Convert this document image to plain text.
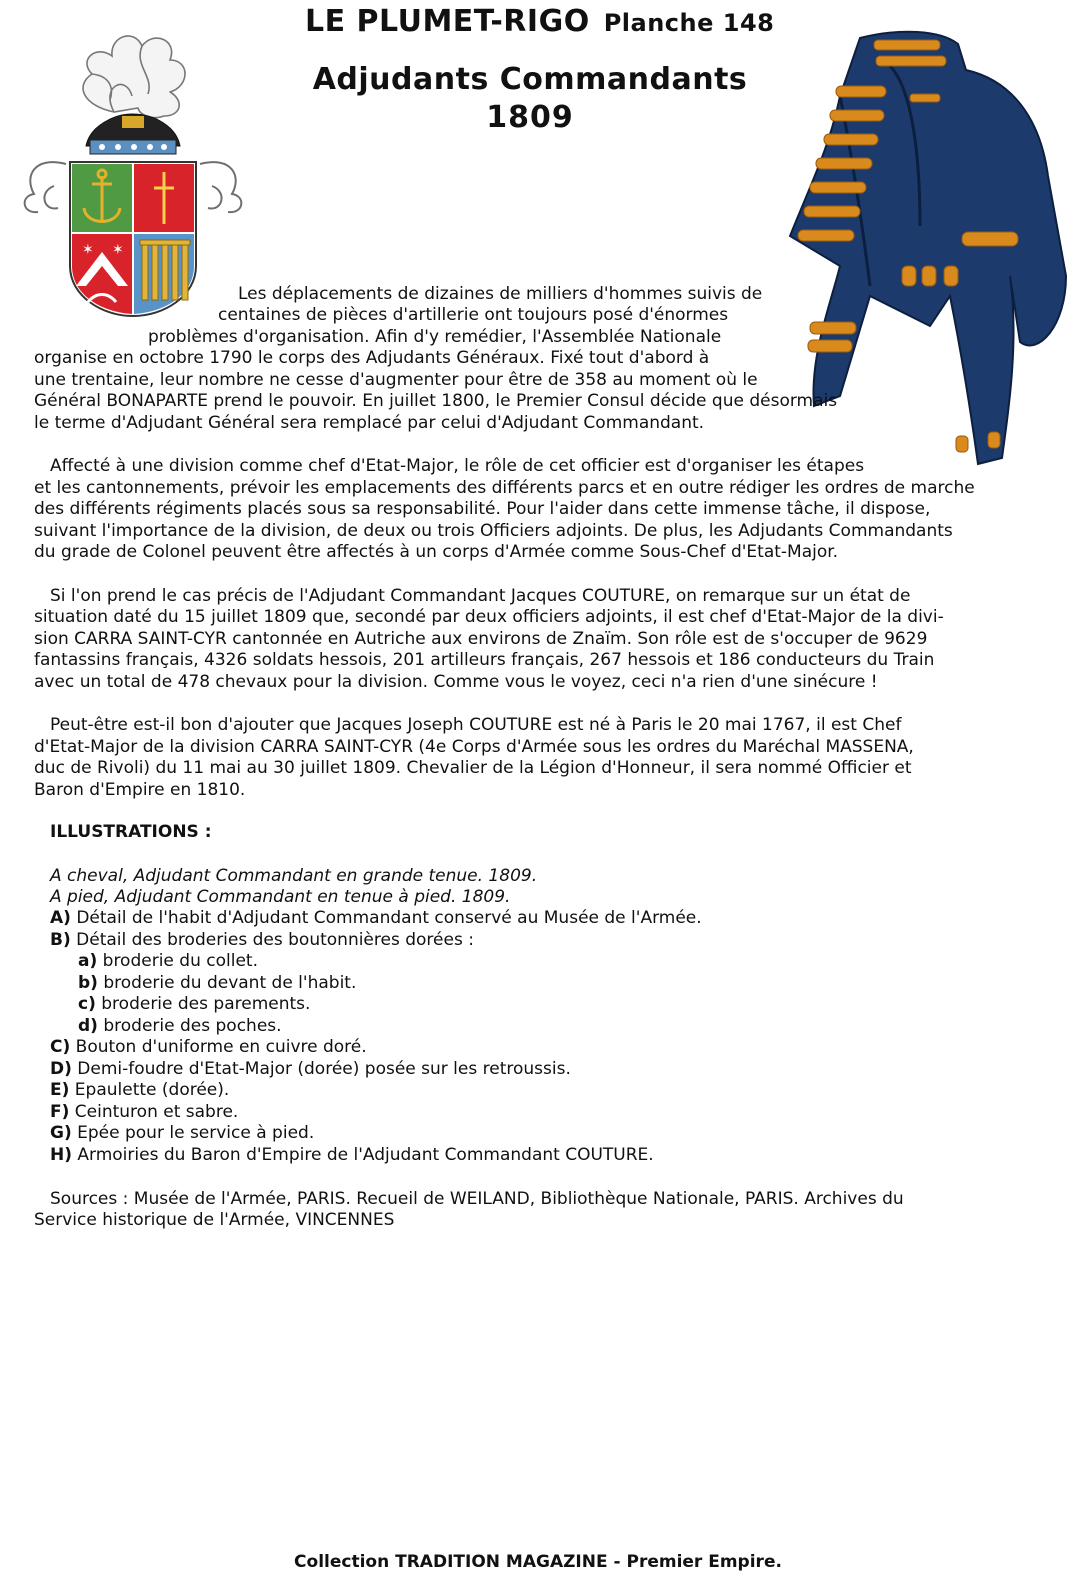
LE PLUMET-RIGO Planche 148
Adjudants Commandants
1809
✶ ✶
Les déplacements de dizaines de milliers d'hommes suivis de
centaines de pièces d'artillerie ont toujours posé d'énormes
problèmes d'organisation. Afin d'y remédier, l'Assemblée Nationale
organise en octobre 1790 le corps des Adjudants Généraux. Fixé tout d'abord à
une trentaine, leur nombre ne cesse d'augmenter pour être de 358 au moment où le
Général BONAPARTE prend le pouvoir. En juillet 1800, le Premier Consul décide que désormais
le terme d'Adjudant Général sera remplacé par celui d'Adjudant Commandant.
Affecté à une division comme chef d'Etat-Major, le rôle de cet officier est d'organiser les étapes
et les cantonnements, prévoir les emplacements des différents parcs et en outre rédiger les ordres de marche
des différents régiments placés sous sa responsabilité. Pour l'aider dans cette immense tâche, il dispose,
suivant l'importance de la division, de deux ou trois Officiers adjoints. De plus, les Adjudants Commandants
du grade de Colonel peuvent être affectés à un corps d'Armée comme Sous-Chef d'Etat-Major.
Si l'on prend le cas précis de l'Adjudant Commandant Jacques COUTURE, on remarque sur un état de
situation daté du 15 juillet 1809 que, secondé par deux officiers adjoints, il est chef d'Etat-Major de la divi-
sion CARRA SAINT-CYR cantonnée en Autriche aux environs de Znaïm. Son rôle est de s'occuper de 9629
fantassins français, 4326 soldats hessois, 201 artilleurs français, 267 hessois et 186 conducteurs du Train
avec un total de 478 chevaux pour la division. Comme vous le voyez, ceci n'a rien d'une sinécure !
Peut-être est-il bon d'ajouter que Jacques Joseph COUTURE est né à Paris le 20 mai 1767, il est Chef
d'Etat-Major de la division CARRA SAINT-CYR (4e Corps d'Armée sous les ordres du Maréchal MASSENA,
duc de Rivoli) du 11 mai au 30 juillet 1809. Chevalier de la Légion d'Honneur, il sera nommé Officier et
Baron d'Empire en 1810.
ILLUSTRATIONS :
A cheval, Adjudant Commandant en grande tenue. 1809.
A pied, Adjudant Commandant en tenue à pied. 1809.
A) Détail de l'habit d'Adjudant Commandant conservé au Musée de l'Armée.
B) Détail des broderies des boutonnières dorées :
a) broderie du collet.
b) broderie du devant de l'habit.
c) broderie des parements.
d) broderie des poches.
C) Bouton d'uniforme en cuivre doré.
D) Demi-foudre d'Etat-Major (dorée) posée sur les retroussis.
E) Epaulette (dorée).
F) Ceinturon et sabre.
G) Epée pour le service à pied.
H) Armoiries du Baron d'Empire de l'Adjudant Commandant COUTURE.
Sources : Musée de l'Armée, PARIS. Recueil de WEILAND, Bibliothèque Nationale, PARIS. Archives du
Service historique de l'Armée, VINCENNES
Collection TRADITION MAGAZINE - Premier Empire.
